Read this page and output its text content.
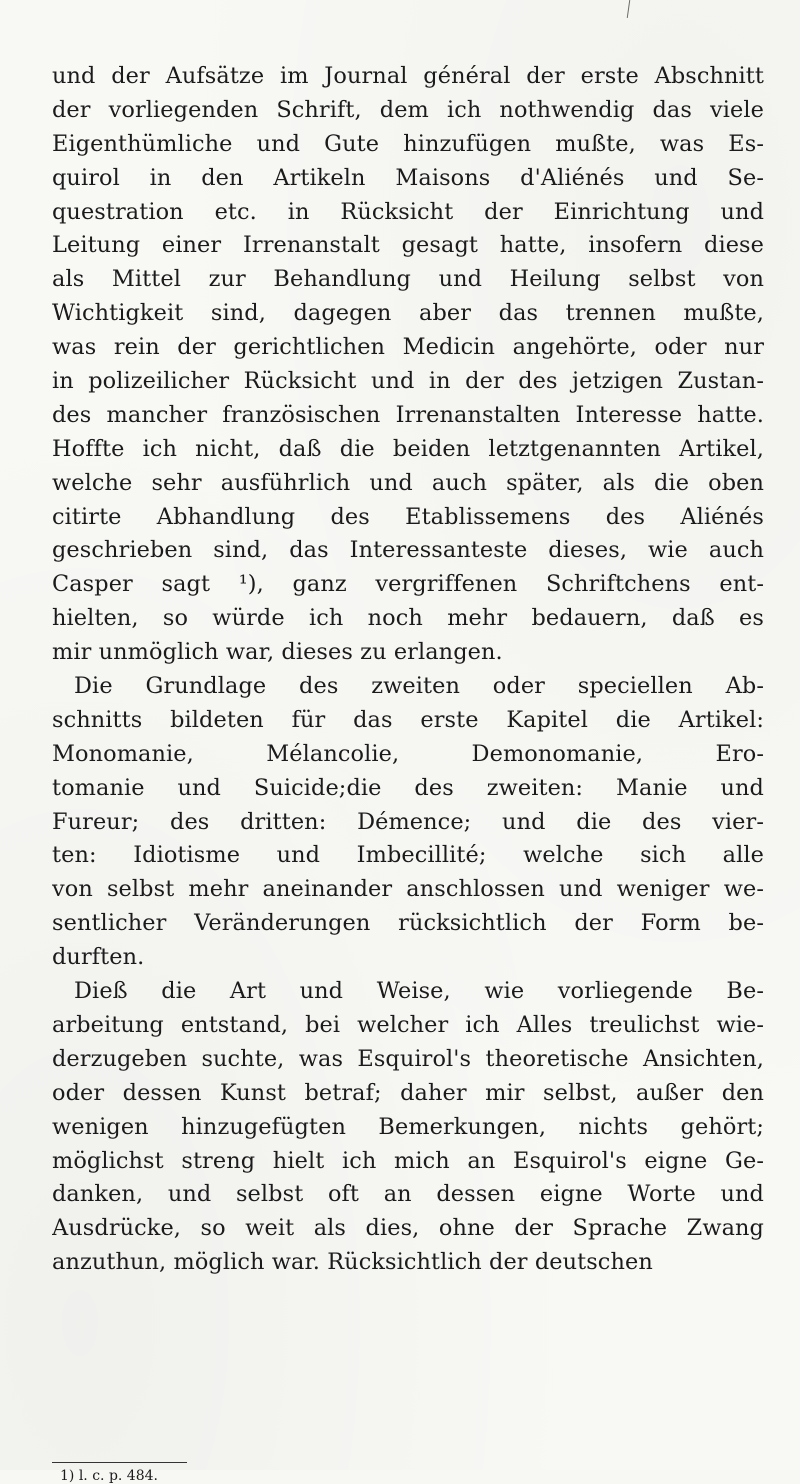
und der Aufsätze im Journal général der erste Abschnitt
der vorliegenden Schrift, dem ich nothwendig das viele
Eigenthümliche und Gute hinzufügen mußte, was Es-
quirol in den Artikeln Maisons d'Aliénés und Se-
questration etc. in Rücksicht der Einrichtung und
Leitung einer Irrenanstalt gesagt hatte, insofern diese
als Mittel zur Behandlung und Heilung selbst von
Wichtigkeit sind, dagegen aber das trennen mußte,
was rein der gerichtlichen Medicin angehörte, oder nur
in polizeilicher Rücksicht und in der des jetzigen Zustan-
des mancher französischen Irrenanstalten Interesse hatte.
Hoffte ich nicht, daß die beiden letztgenannten Artikel,
welche sehr ausführlich und auch später, als die oben
citirte Abhandlung des Etablissemens des Aliénés
geschrieben sind, das Interessanteste dieses, wie auch
Casper sagt ¹), ganz vergriffenen Schriftchens ent-
hielten, so würde ich noch mehr bedauern, daß es
mir unmöglich war, dieses zu erlangen.
Die Grundlage des zweiten oder speciellen Ab-
schnitts bildeten für das erste Kapitel die Artikel:
Monomanie, Mélancolie, Demonomanie, Ero-
tomanie und Suicide;die des zweiten: Manie und
Fureur; des dritten: Démence; und die des vier-
ten: Idiotisme und Imbecillité; welche sich alle
von selbst mehr aneinander anschlossen und weniger we-
sentlicher Veränderungen rücksichtlich der Form be-
durften.
Dieß die Art und Weise, wie vorliegende Be-
arbeitung entstand, bei welcher ich Alles treulichst wie-
derzugeben suchte, was Esquirol's theoretische Ansichten,
oder dessen Kunst betraf; daher mir selbst, außer den
wenigen hinzugefügten Bemerkungen, nichts gehört;
möglichst streng hielt ich mich an Esquirol's eigne Ge-
danken, und selbst oft an dessen eigne Worte und
Ausdrücke, so weit als dies, ohne der Sprache Zwang
anzuthun, möglich war. Rücksichtlich der deutschen
1) l. c. p. 484.
